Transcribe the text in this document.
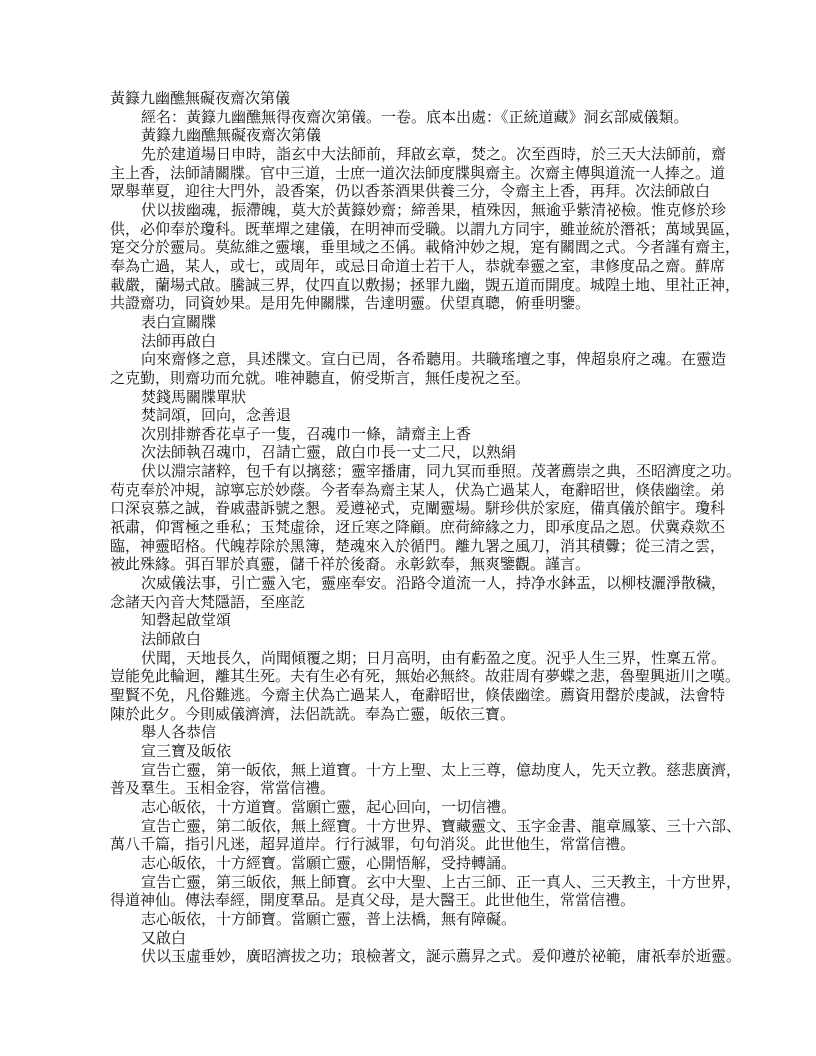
黃籙九幽醮無礙夜齋次第儀
經名：黃籙九幽醮無得夜齋次第儀。一卷。底本出處：《正統道藏》洞玄部威儀類。
黃籙九幽醮無礙夜齋次第儀
先於建道場日申時，詣玄中大法師前，拜啟玄章，焚之。次至酉時，於三天大法師前，齋
主上香，法師請關牒。官中三道，士庶一道次法師度牒與齋主。次齋主傳與道流一人捧之。道
眾舉華夏，迎往大門外，設香案，仍以香茶酒果供養三分，令齋主上香，再拜。次法師啟白
伏以拔幽魂，振滯魄，莫大於黃籙妙齋；締善果，植殊因，無逾乎紫清祕檢。惟克修於珍
供，必仰奉於瓊科。既華墠之建儀，在明神而受職。以謂九方同宇，雖並統於潛祇；萬域異區，
寔交分於靈局。莫紘維之靈壤，垂里域之丕偁。載脩沖妙之規，寔有關閭之式。今者謹有齋主，
奉為亡過，某人，或七，或周年，或忌日命道士若干人，恭就奉靈之室，聿修度品之齋。蘚席
載嚴，蘭場式啟。騰誠三界，仗四直以敷揚；拯罪九幽，覬五道而開度。城隍土地、里社正神，
共證齋功，同資妙果。是用先伸關牒，告達明靈。伏望真聰，俯垂明鑒。
表白宣關牒
法師再啟白
向來齋修之意，具述牒文。宣白已周，各希聽用。共職瑤壇之事，俾超泉府之魂。在靈造
之克勤，則齋功而允就。唯神聽直，俯受斯言，無任虔祝之至。
焚錢馬關牒單狀
焚詞頌，回向，念善退
次別排辦香花卓子一隻，召魂巾一條，請齋主上香
次法師執召魂巾，召請亡靈，啟白巾長一丈二尺，以熟絹
伏以淵宗諸粹，包千有以摛慈；靈宰播庸，同九冥而垂照。茂著薦崇之典，丕昭濟度之功。
苟克奉於冲規，諒寧忘於妙蔭。今者奉為齋主某人，伏為亡過某人，奄辭昭世，倏俵幽塗。弟
口深哀慕之誠，眷戚盡訴號之懇。爰遵祕式，克闡靈場。駢珍供於家庭，備真儀於館宇。瓊科
祇肅，仰霄極之垂私；玉梵虛徐，迓丘寒之降顧。庶荷締緣之力，即承度品之恩。伏冀猋欻丕
臨，神靈昭格。代魄荐除於黑簿，楚魂來入於循門。離九署之風刀，消其積釁；從三清之雲，
被此殊緣。弭百罪於真靈，儲千祥於後裔。永彰欽奉，無爽鑒觀。謹言。
次威儀法事，引亡靈入宅，靈座奉安。沿路令道流一人，持净水鉢盂，以柳枝灑淨散穢，
念諸天內音大梵隱語，至座訖
知磬起啟堂頌
法師啟白
伏聞，天地長久，尚聞傾覆之期；日月高明，由有虧盈之度。況乎人生三界，性稟五常。
豈能免此輪迴，離其生死。夫有生必有死，無始必無終。故莊周有夢蝶之悲，魯聖興逝川之嘆。
聖賢不免，凡俗難逃。今齋主伏為亡過某人，奄辭昭世，倏俵幽塗。薦資用罄於虔誠，法會特
陳於此夕。今則威儀濟濟，法侶詵詵。奉為亡靈，皈依三寶。
舉人各恭信
宣三寶及皈依
宣告亡靈，第一皈依，無上道寶。十方上聖、太上三尊，億劫度人，先天立教。慈悲廣濟，
普及羣生。玉相金容，常當信禮。
志心皈依，十方道寶。當願亡靈，起心回向，一切信禮。
宣告亡靈，第二皈依，無上經寶。十方世界、寶藏靈文、玉字金書、龍章鳳篆、三十六部、
萬八千篇，指引凡迷，超昇道岸。行行滅罪，句句消災。此世他生，常當信禮。
志心皈依，十方經寶。當願亡靈，心開悟解，受持轉誦。
宣告亡靈，第三皈依，無上師寶。玄中大聖、上古三師、正一真人、三天教主，十方世界，
得道神仙。傳法奉經，開度羣品。是真父母，是大醫王。此世他生，常當信禮。
志心皈依，十方師寶。當願亡靈，普上法橋，無有障礙。
又啟白
伏以玉虛垂妙，廣昭濟拔之功；琅檢著文，誕示薦昇之式。爰仰遵於祕範，庸祇奉於逝靈。
